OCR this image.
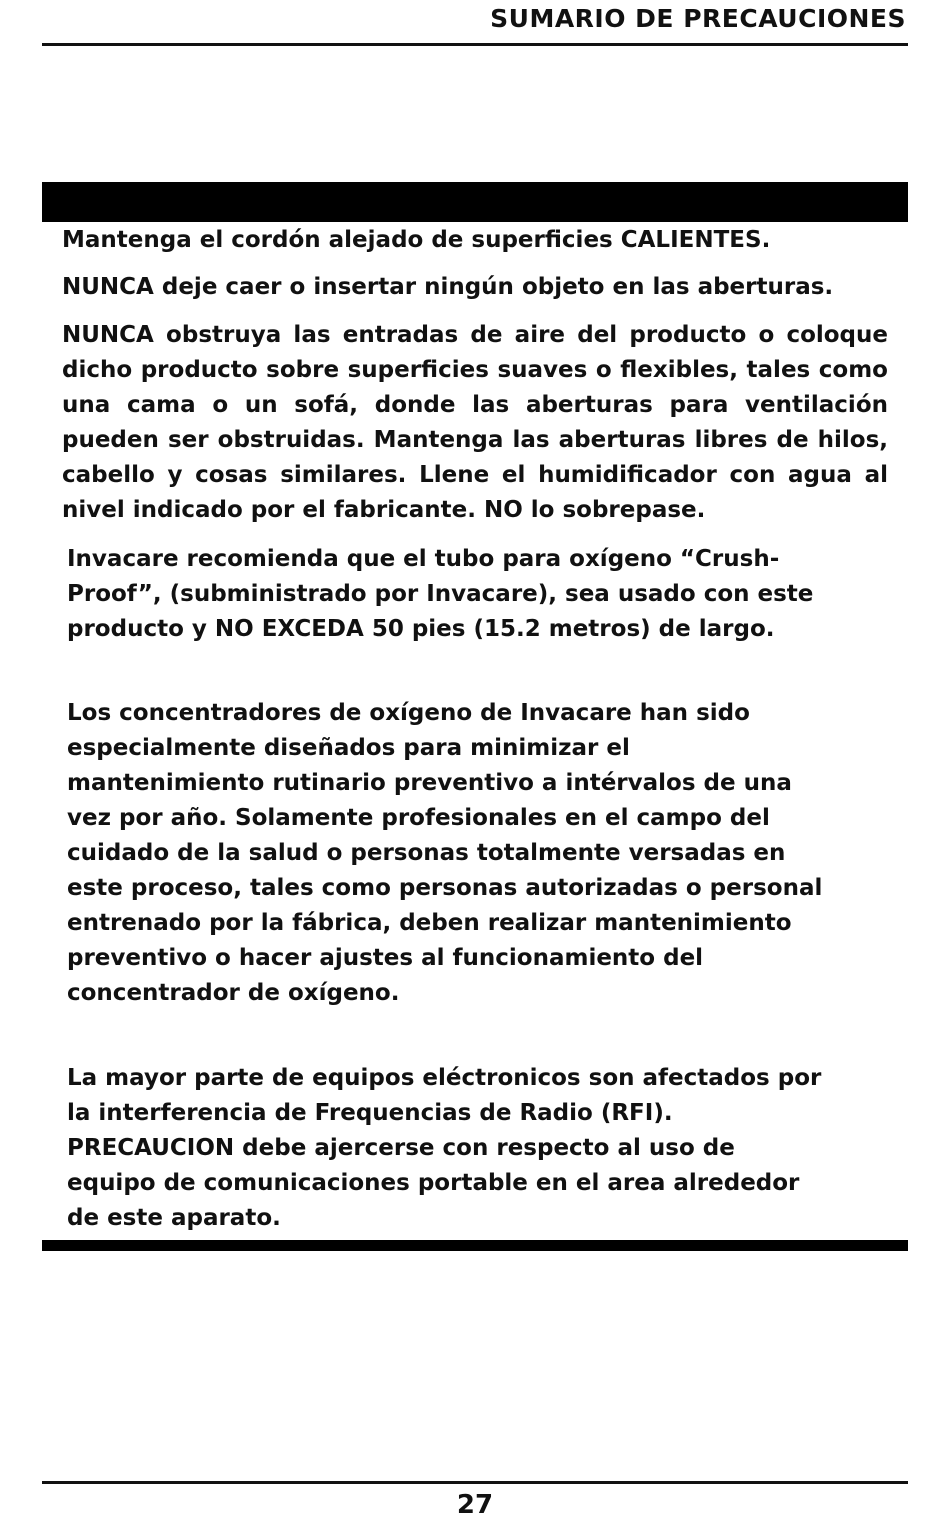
SUMARIO DE PRECAUCIONES

Mantenga el cordón alejado de superficies CALIENTES.

NUNCA deje caer o insertar ningún objeto en las aberturas.

NUNCA obstruya las entradas de aire del producto o coloque
dicho producto sobre superficies suaves o flexibles, tales como
una cama o un sofá, donde las aberturas para ventilación
pueden ser obstruidas. Mantenga las aberturas libres de hilos,
cabello y cosas similares. Llene el humidificador con agua al
nivel indicado por el fabricante. NO lo sobrepase.
Invacare recomienda que el tubo para oxígeno “Crush-
Proof”, (subministrado por Invacare), sea usado con este
producto y NO EXCEDA 50 pies (15.2 metros) de largo.
Los concentradores de oxígeno de Invacare han sido
especialmente diseñados para minimizar el
mantenimiento rutinario preventivo a intérvalos de una
vez por año. Solamente profesionales en el campo del
cuidado de la salud o personas totalmente versadas en
este proceso, tales como personas autorizadas o personal
entrenado por la fábrica, deben realizar mantenimiento
preventivo o hacer ajustes al funcionamiento del
concentrador de oxígeno.
La mayor parte de equipos eléctronicos son afectados por
la interferencia de Frequencias de Radio (RFI).
PRECAUCION debe ajercerse con respecto al uso de
equipo de comunicaciones portable en el area alrededor
de este aparato.
27
